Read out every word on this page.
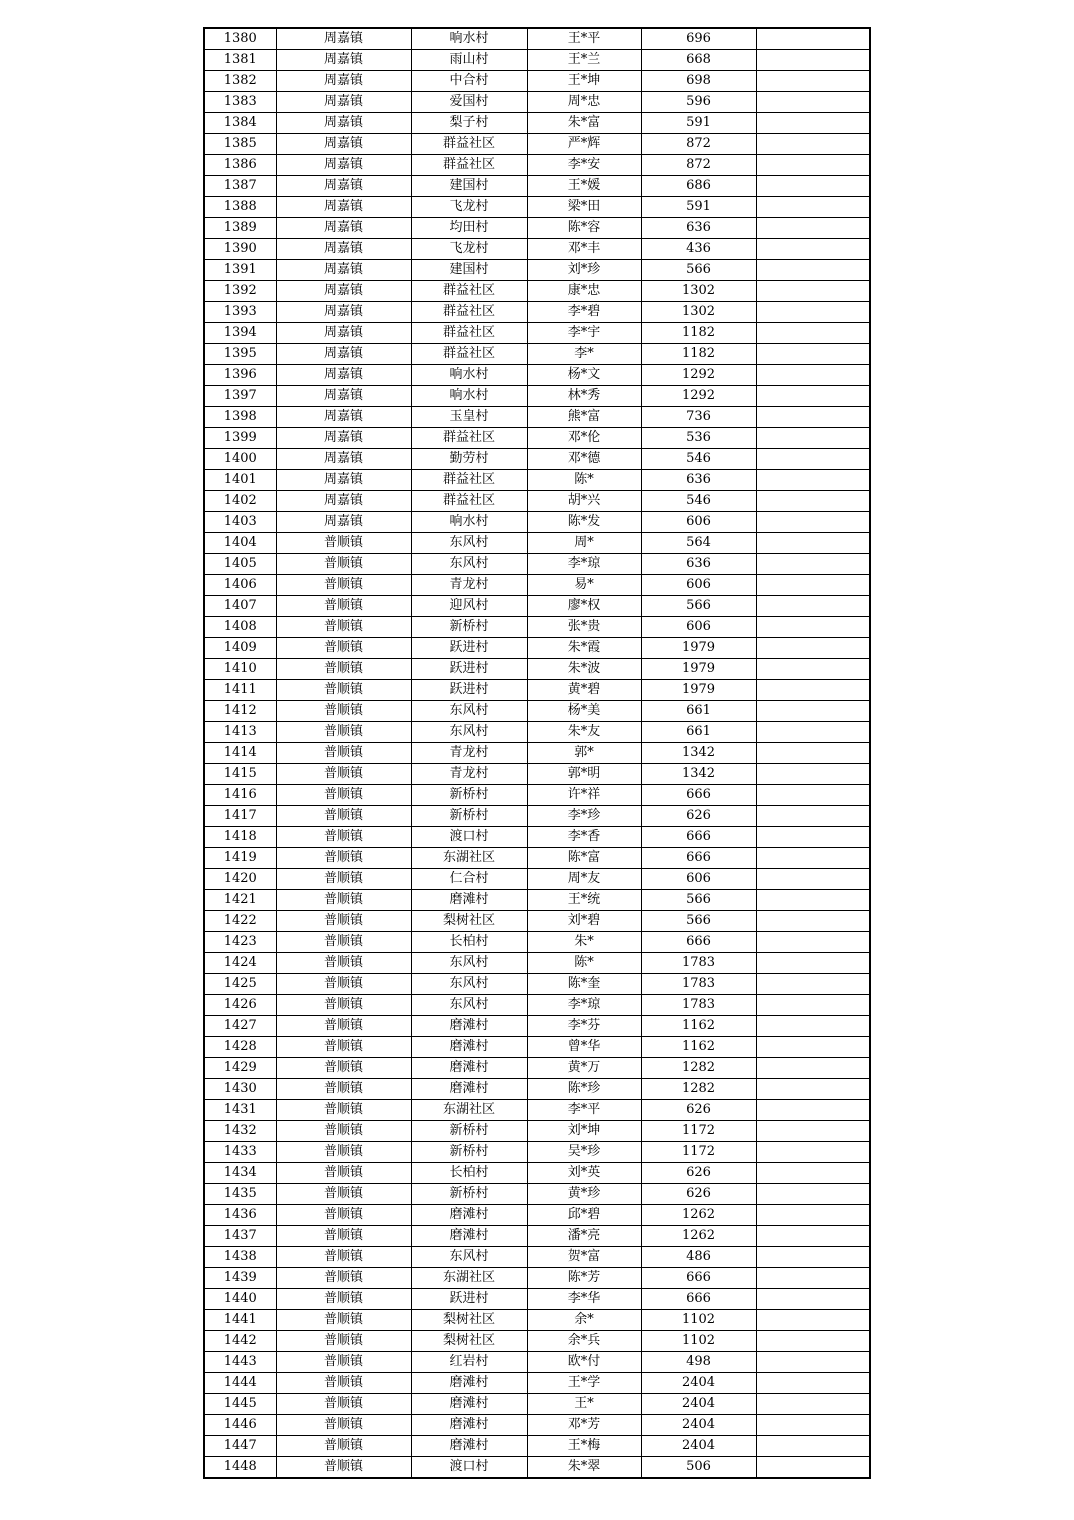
1380	周嘉镇	响水村	王*平	696	
1381	周嘉镇	雨山村	王*兰	668	
1382	周嘉镇	中合村	王*坤	698	
1383	周嘉镇	爱国村	周*忠	596	
1384	周嘉镇	梨子村	朱*富	591	
1385	周嘉镇	群益社区	严*辉	872	
1386	周嘉镇	群益社区	李*安	872	
1387	周嘉镇	建国村	王*媛	686	
1388	周嘉镇	飞龙村	梁*田	591	
1389	周嘉镇	均田村	陈*容	636	
1390	周嘉镇	飞龙村	邓*丰	436	
1391	周嘉镇	建国村	刘*珍	566	
1392	周嘉镇	群益社区	康*忠	1302	
1393	周嘉镇	群益社区	李*碧	1302	
1394	周嘉镇	群益社区	李*宇	1182	
1395	周嘉镇	群益社区	李*	1182	
1396	周嘉镇	响水村	杨*文	1292	
1397	周嘉镇	响水村	林*秀	1292	
1398	周嘉镇	玉皇村	熊*富	736	
1399	周嘉镇	群益社区	邓*伦	536	
1400	周嘉镇	勤劳村	邓*德	546	
1401	周嘉镇	群益社区	陈*	636	
1402	周嘉镇	群益社区	胡*兴	546	
1403	周嘉镇	响水村	陈*发	606	
1404	普顺镇	东风村	周*	564	
1405	普顺镇	东风村	李*琼	636	
1406	普顺镇	青龙村	易*	606	
1407	普顺镇	迎风村	廖*权	566	
1408	普顺镇	新桥村	张*贵	606	
1409	普顺镇	跃进村	朱*霞	1979	
1410	普顺镇	跃进村	朱*波	1979	
1411	普顺镇	跃进村	黄*碧	1979	
1412	普顺镇	东风村	杨*美	661	
1413	普顺镇	东风村	朱*友	661	
1414	普顺镇	青龙村	郭*	1342	
1415	普顺镇	青龙村	郭*明	1342	
1416	普顺镇	新桥村	许*祥	666	
1417	普顺镇	新桥村	李*珍	626	
1418	普顺镇	渡口村	李*香	666	
1419	普顺镇	东湖社区	陈*富	666	
1420	普顺镇	仁合村	周*友	606	
1421	普顺镇	磨滩村	王*统	566	
1422	普顺镇	梨树社区	刘*碧	566	
1423	普顺镇	长柏村	朱*	666	
1424	普顺镇	东风村	陈*	1783	
1425	普顺镇	东风村	陈*奎	1783	
1426	普顺镇	东风村	李*琼	1783	
1427	普顺镇	磨滩村	李*芬	1162	
1428	普顺镇	磨滩村	曾*华	1162	
1429	普顺镇	磨滩村	黄*万	1282	
1430	普顺镇	磨滩村	陈*珍	1282	
1431	普顺镇	东湖社区	李*平	626	
1432	普顺镇	新桥村	刘*坤	1172	
1433	普顺镇	新桥村	吴*珍	1172	
1434	普顺镇	长柏村	刘*英	626	
1435	普顺镇	新桥村	黄*珍	626	
1436	普顺镇	磨滩村	邱*碧	1262	
1437	普顺镇	磨滩村	潘*亮	1262	
1438	普顺镇	东风村	贺*富	486	
1439	普顺镇	东湖社区	陈*芳	666	
1440	普顺镇	跃进村	李*华	666	
1441	普顺镇	梨树社区	余*	1102	
1442	普顺镇	梨树社区	余*兵	1102	
1443	普顺镇	红岩村	欧*付	498	
1444	普顺镇	磨滩村	王*学	2404	
1445	普顺镇	磨滩村	王*	2404	
1446	普顺镇	磨滩村	邓*芳	2404	
1447	普顺镇	磨滩村	王*梅	2404	
1448	普顺镇	渡口村	朱*翠	506	
